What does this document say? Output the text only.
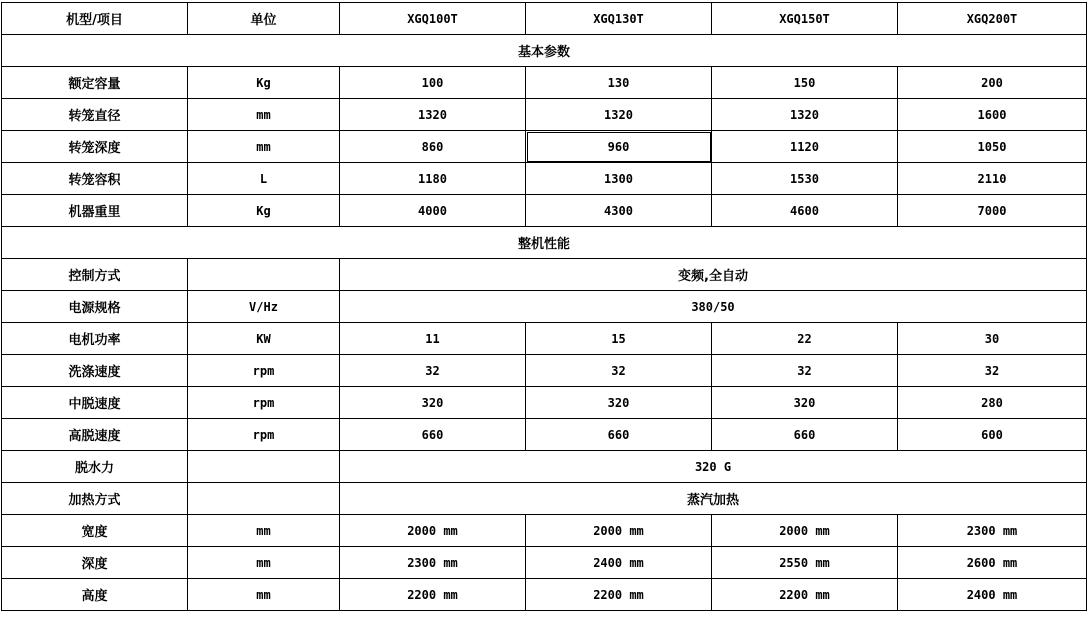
机型/项目	单位	XGQ100T	XGQ130T	XGQ150T	XGQ200T
基本参数					
额定容量	Kg	100	130	150	200
转笼直径	mm	1320	1320	1320	1600
转笼深度	mm	860	960	1120	1050
转笼容积	L	1180	1300	1530	2110
机器重里	Kg	4000	4300	4600	7000
整机性能					
控制方式		变频,全自动			
电源规格	V/Hz	380/50			
电机功率	KW	11	15	22	30
洗涤速度	rpm	32	32	32	32
中脱速度	rpm	320	320	320	280
高脱速度	rpm	660	660	660	600
脱水力		320 G			
加热方式		蒸汽加热			
宽度	mm	2000 mm	2000 mm	2000 mm	2300 mm
深度	mm	2300 mm	2400 mm	2550 mm	2600 mm
高度	mm	2200 mm	2200 mm	2200 mm	2400 mm
